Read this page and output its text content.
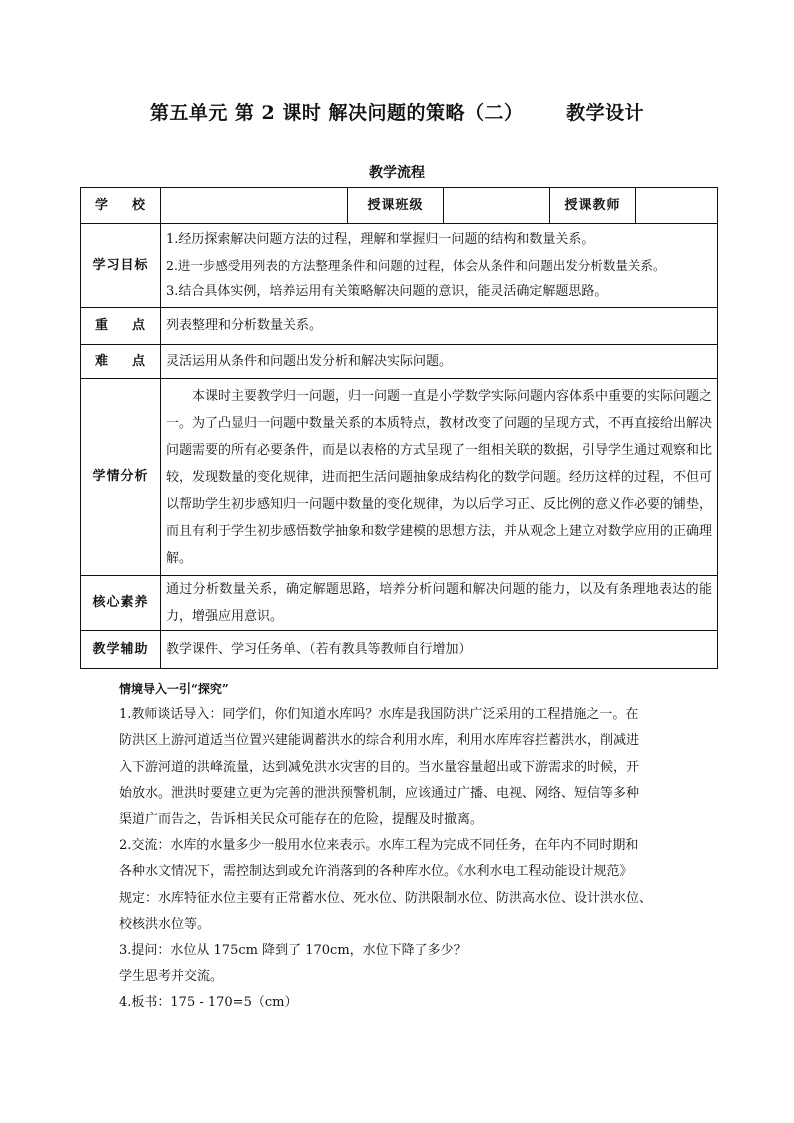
第五单元 第 2 课时 解决问题的策略（二）      教学设计
教学流程
学 校		授课班级		授课教师	
学习目标	1.经历探索解决问题方法的过程，理解和掌握归一问题的结构和数量关系。

2.进一步感受用列表的方法整理条件和问题的过程，体会从条件和问题出发分析数量关系。

3.结合具体实例，培养运用有关策略解决问题的意识，能灵活确定解题思路。				

重 点	列表整理和分析数量关系。				
难 点	灵活运用从条件和问题出发分析和解决实际问题。				
学情分析	本课时主要教学归一问题，归一问题一直是小学数学实际问题内容体系中重要的实际问题之一。为了凸显归一问题中数量关系的本质特点，教材改变了问题的呈现方式，不再直接给出解决问题需要的所有必要条件，而是以表格的方式呈现了一组相关联的数据，引导学生通过观察和比较，发现数量的变化规律，进而把生活问题抽象成结构化的数学问题。经历这样的过程，不但可以帮助学生初步感知归一问题中数量的变化规律，为以后学习正、反比例的意义作必要的铺垫，而且有利于学生初步感悟数学抽象和数学建模的思想方法，并从观念上建立对数学应用的正确理解。				

核心素养	通过分析数量关系，确定解题思路，培养分析问题和解决问题的能力，以及有条理地表达的能力，增强应用意识。				

教学辅助	教学课件、学习任务单、（若有教具等教师自行增加）				

情境导入一引“探究”

1.教师谈话导入：同学们，你们知道水库吗？水库是我国防洪广泛采用的工程措施之一。在

防洪区上游河道适当位置兴建能调蓄洪水的综合利用水库，利用水库库容拦蓄洪水，削减进

入下游河道的洪峰流量，达到减免洪水灾害的目的。当水量容量超出或下游需求的时候，开

始放水。泄洪时要建立更为完善的泄洪预警机制，应该通过广播、电视、网络、短信等多种

渠道广而告之，告诉相关民众可能存在的危险，提醒及时撤离。

2.交流：水库的水量多少一般用水位来表示。水库工程为完成不同任务，在年内不同时期和

各种水文情况下，需控制达到或允许消落到的各种库水位。《水利水电工程动能设计规范》

规定：水库特征水位主要有正常蓄水位、死水位、防洪限制水位、防洪高水位、设计洪水位、

校核洪水位等。

3.提问：水位从 175cm 降到了 170cm，水位下降了多少？

学生思考并交流。

4.板书：175 - 170=5（cm）
